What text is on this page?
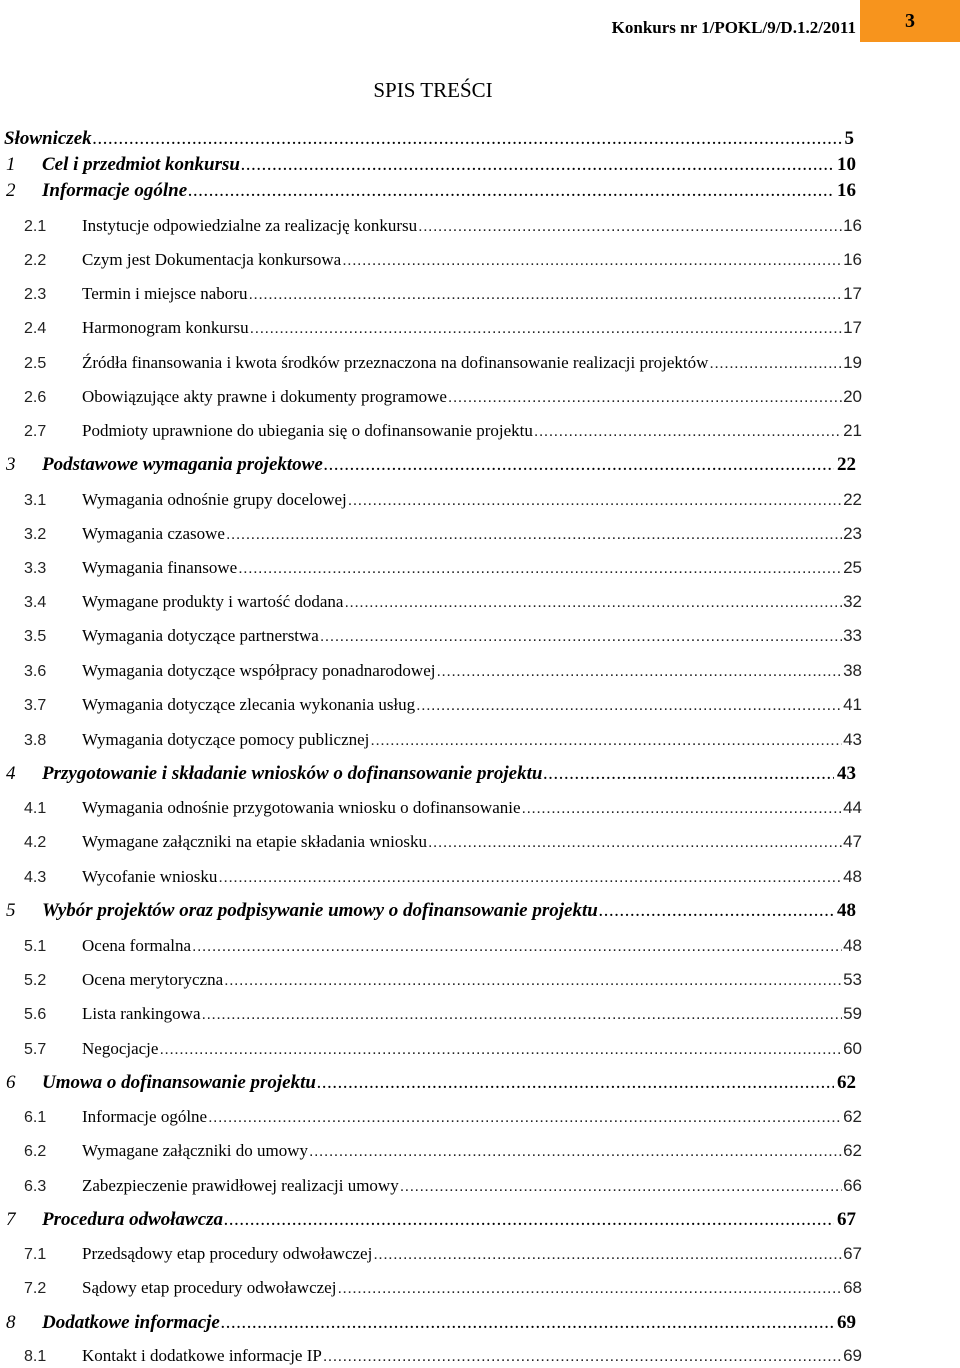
Konkurs nr 1/POKL/9/D.1.2/2011 3
SPIS TREŚCI
Słowniczek .....	5
1	Cel i przedmiot konkursu .....	10
2	Informacje ogólne .....	16
2.1	Instytucje odpowiedzialne za realizację konkursu .....	16
2.2	Czym jest Dokumentacja konkursowa .....	16
2.3	Termin i miejsce naboru .....	17
2.4	Harmonogram konkursu .....	17
2.5	Źródła finansowania i kwota środków przeznaczona na dofinansowanie realizacji projektów .....	19
2.6	Obowiązujące akty prawne i dokumenty programowe .....	20
2.7	Podmioty uprawnione do ubiegania się o dofinansowanie projektu .....	21
3	Podstawowe wymagania projektowe .....	22
3.1	Wymagania odnośnie grupy docelowej .....	22
3.2	Wymagania czasowe .....	23
3.3	Wymagania finansowe .....	25
3.4	Wymagane produkty i wartość dodana .....	32
3.5	Wymagania dotyczące partnerstwa .....	33
3.6	Wymagania dotyczące współpracy ponadnarodowej .....	38
3.7	Wymagania dotyczące zlecania wykonania usług .....	41
3.8	Wymagania dotyczące pomocy publicznej .....	43
4	Przygotowanie i składanie wniosków o dofinansowanie projektu .....	43
4.1	Wymagania odnośnie przygotowania wniosku o dofinansowanie .....	44
4.2	Wymagane załączniki na etapie składania wniosku .....	47
4.3	Wycofanie wniosku .....	48
5	Wybór projektów oraz podpisywanie umowy o dofinansowanie projektu .....	48
5.1	Ocena formalna .....	48
5.2	Ocena merytoryczna .....	53
5.6	Lista rankingowa .....	59
5.7	Negocjacje .....	60
6	Umowa o dofinansowanie projektu .....	62
6.1	Informacje ogólne .....	62
6.2	Wymagane załączniki do umowy .....	62
6.3	Zabezpieczenie prawidłowej realizacji umowy .....	66
7	Procedura odwoławcza .....	67
7.1	Przedsądowy etap procedury odwoławczej .....	67
7.2	Sądowy etap procedury odwoławczej .....	68
8	Dodatkowe informacje .....	69
8.1	Kontakt i dodatkowe informacje IP .....	69
